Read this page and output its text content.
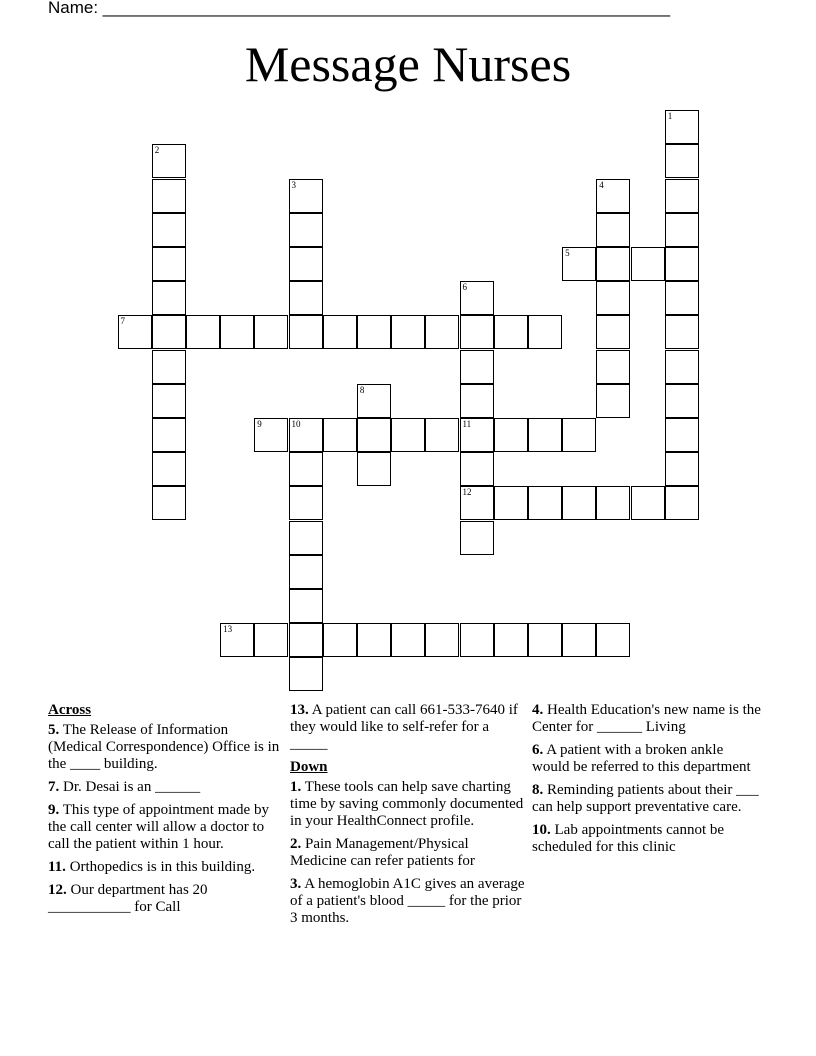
Name: ____________________________________________________________
Message Nurses
1
2
3	4
5
6
11
12
7
8
9	10
13
Across
5. The Release of Information (Medical Correspondence) Office is in the ____ building.
7. Dr. Desai is an ______
9. This type of appointment made by the call center will allow a doctor to call the patient within 1 hour.
11. Orthopedics is in this building.
12. Our department has 20 ___________ for Call
13. A patient can call 661-533-7640 if they would like to self-refer for a _____
Down
1. These tools can help save charting time by saving commonly documented in your HealthConnect profile.
2. Pain Management/Physical Medicine can refer patients for
3. A hemoglobin A1C gives an average of a patient's blood _____ for the prior 3 months.
4. Health Education's new name is the Center for ______ Living
6. A patient with a broken ankle would be referred to this department
8. Reminding patients about their ___ can help support preventative care.
10. Lab appointments cannot be scheduled for this clinic
